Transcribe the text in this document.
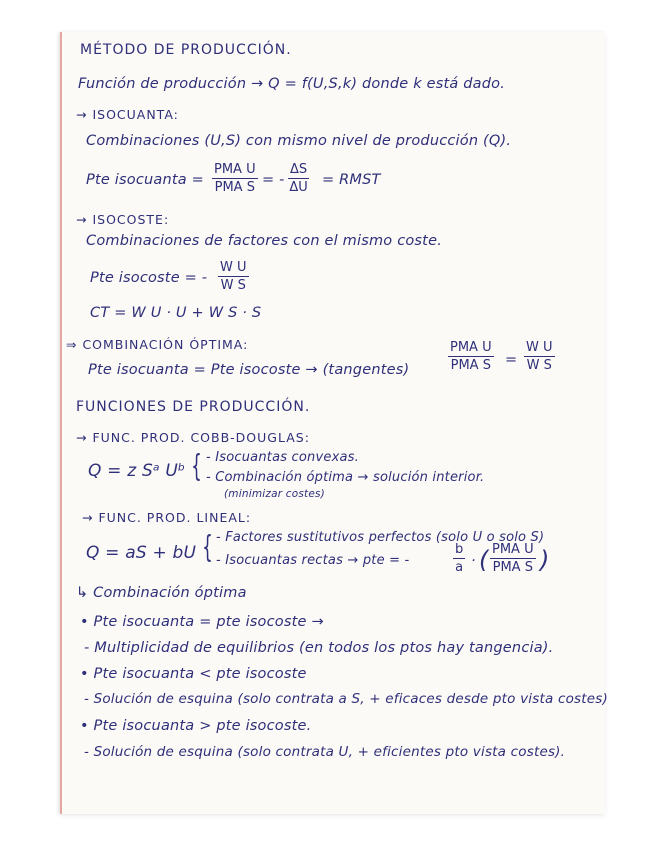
MÉTODO DE PRODUCCIÓN.
Función de producción → Q = f(U,S,k) donde k está dado.
→ ISOCUANTA:
Combinaciones (U,S) con mismo nivel de producción (Q).
Pte isocuanta =
PMA U
PMA S = - $\frac{\Delta S}{\Delta U}$ = RMST
→ ISOCOSTE:
Combinaciones de factores con el mismo coste.
Pte isocoste = - $\frac{\text{W U}}{\text{W S}}$
CT = W U · U + W S · S
⇒ COMBINACIÓN ÓPTIMA:
Pte isocuanta = Pte isocoste → (tangentes)
PMA U
PMA $S = \frac{\text{W U}}{\text{W S}}$
FUNCIONES DE PRODUCCIÓN.
→ FUNC. PROD. COBB-DOUGLAS:
Q = z Sᵃ Uᵇ { - Isocuantas convexas.
- Combinación óptima → solución interior.
(minimizar costes)
→ FUNC. PROD. LINEAL:
Q = aS + bU { - Factores sustitutivos perfectos (solo U o solo S)
- Isocuantas rectas → pte = -	$\frac{b}{a}$ · ( PMA U
PMA S )
↳ Combinación óptima
• Pte isocuanta = pte isocoste →
- Multiplicidad de equilibrios (en todos los ptos hay tangencia).
• Pte isocuanta < pte isocoste
- Solución de esquina (solo contrata a S, + eficaces desde pto vista costes)
• Pte isocuanta > pte isocoste.
- Solución de esquina (solo contrata U, + eficientes pto vista costes).
